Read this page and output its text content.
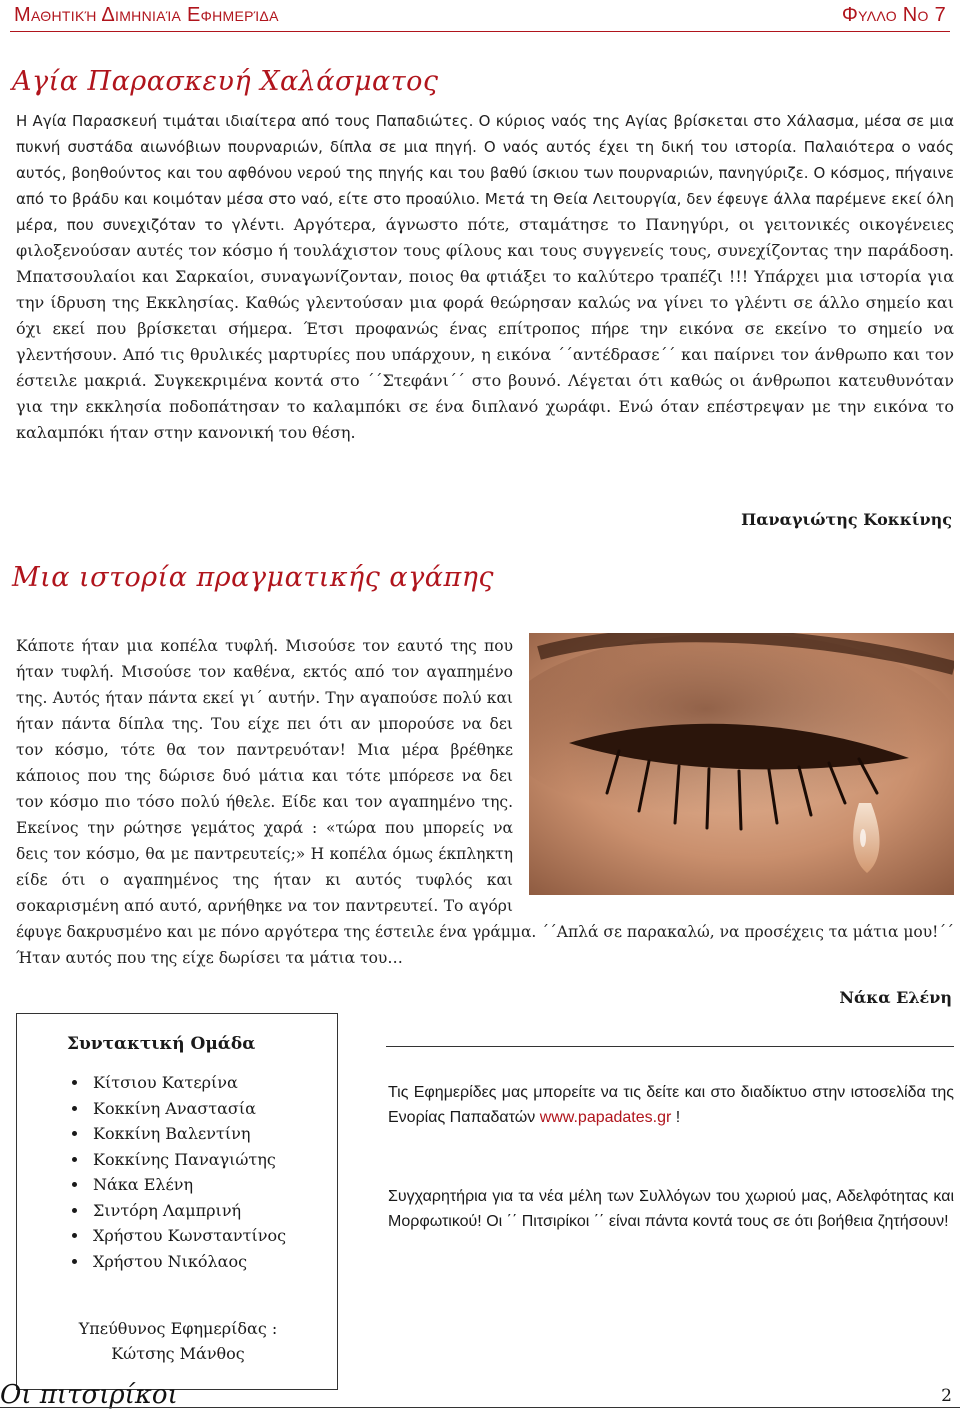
Μαθητική Διμηνιαία Εφημερίδα	Φυλλο Νο 7
Αγία Παρασκευή Χαλάσματος
Η Αγία Παρασκευή τιμάται ιδιαίτερα από τους Παπαδιώτες. Ο κύριος ναός της Αγίας βρίσκεται στο Χάλασμα, μέσα σε μια πυκνή συστάδα αιωνόβιων πουρναριών, δίπλα σε μια πηγή. Ο ναός αυτός έχει τη δική του ιστορία. Παλαιότερα ο ναός αυτός, βοηθούντος και του αφθόνου νερού της πηγής και του βαθύ ίσκιου των πουρναριών, πανηγύριζε. Ο κόσμος, πήγαινε από το βράδυ και κοιμόταν μέσα στο ναό, είτε στο προαύλιο. Μετά τη Θεία Λειτουργία, δεν έφευγε άλλα παρέμενε εκεί όλη μέρα, που συνεχιζόταν το γλέντι. Αργότερα, άγνωστο πότε, σταμάτησε το Πανηγύρι, οι γειτονικές οικογένειες φιλοξενούσαν αυτές τον κόσμο ή τουλάχιστον τους φίλους και τους συγγενείς τους, συνεχίζοντας την παράδοση. Μπατσουλαίοι και Σαρκαίοι, συναγωνίζονταν, ποιος θα φτιάξει το καλύτερο τραπέζι !!! Υπάρχει μια ιστορία για την ίδρυση της Εκκλησίας. Καθώς γλεντούσαν μια φορά θεώρησαν καλώς να γίνει το γλέντι σε άλλο σημείο και όχι εκεί που βρίσκεται σήμερα. Έτσι προφανώς ένας επίτροπος πήρε την εικόνα σε εκείνο το σημείο να γλεντήσουν. Από τις θρυλικές μαρτυρίες που υπάρχουν, η εικόνα ΄΄αντέδρασε΄΄ και παίρνει τον άνθρωπο και τον έστειλε μακριά. Συγκεκριμένα κοντά στο ΄΄Στεφάνι΄΄ στο βουνό. Λέγεται ότι καθώς οι άνθρωποι κατευθυνόταν για την εκκλησία ποδοπάτησαν το καλαμπόκι σε ένα διπλανό χωράφι. Ενώ όταν επέστρεψαν με την εικόνα το καλαμπόκι ήταν στην κανονική του θέση.
Παναγιώτης Κοκκίνης
Μια ιστορία πραγματικής αγάπης

Κάποτε ήταν μια κοπέλα τυφλή. Μισούσε τον εαυτό της που ήταν τυφλή. Μισούσε τον καθένα, εκτός από τον αγαπημένο της. Αυτός ήταν πάντα εκεί γι΄ αυτήν. Την αγαπούσε πολύ και ήταν πάντα δίπλα της. Του είχε πει ότι αν μπορούσε να δει τον κόσμο, τότε θα τον παντρευόταν! Μια μέρα βρέθηκε κάποιος που της δώρισε δυό μάτια και τότε μπόρεσε να δει τον κόσμο πιο τόσο πολύ ήθελε. Είδε και τον αγαπημένο της. Εκείνος την ρώτησε γεμάτος χαρά : «τώρα που μπορείς να δεις τον κόσμο, θα με παντρευτείς;» Η κοπέλα όμως έκπληκτη είδε ότι ο αγαπημένος της ήταν κι αυτός τυφλός και σοκαρισμένη από αυτό, αρνήθηκε να τον παντρευτεί. Το αγόρι έφυγε δακρυσμένο και με πόνο αργότερα της έστειλε ένα γράμμα. ΄΄Απλά σε παρακαλώ, να προσέχεις τα μάτια μου!΄΄

Ήταν αυτός που της είχε δωρίσει τα μάτια του…

Νάκα Ελένη
Συντακτική Ομάδα
• Κίτσιου Κατερίνα
• Κοκκίνη Αναστασία
• Κοκκίνη Βαλεντίνη
• Κοκκίνης Παναγιώτης
• Νάκα Ελένη
• Σιντόρη Λαμπρινή
• Χρήστου Κωνσταντίνος
• Χρήστου Νικόλαος
Υπεύθυνος Εφημερίδας :
Κώτσης Μάνθος

Τις Εφημερίδες μας μπορείτε να τις δείτε και στο διαδίκτυο στην ιστοσελίδα της Ενορίας Παπαδατών www.papadates.gr !

Συγχαρητήρια για τα νέα μέλη των Συλλόγων του χωριού μας, Αδελφότητας και Μορφωτικού! Οι ΄΄ Πιτσιρίκοι ΄΄ είναι πάντα κοντά τους σε ότι βοήθεια ζητήσουν!

Οι πιτσιρίκοι	2
